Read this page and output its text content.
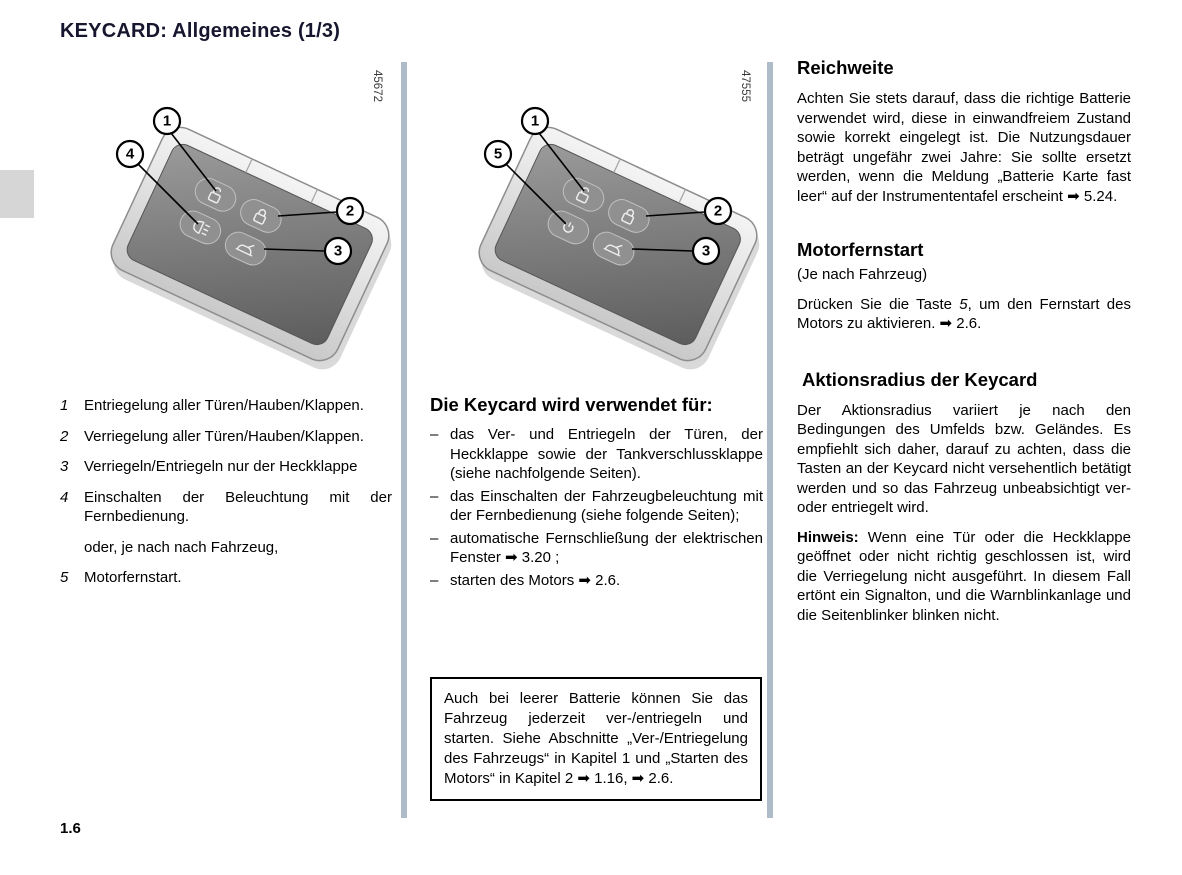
KEYCARD: Allgemeines (1/3)
1
4
2
3
45672
1
5
2
3
47555
1	Entriegelung aller Türen/Hauben/Klappen.
2	Verriegelung aller Türen/Hauben/Klappen.
3	Verriegeln/Entriegeln nur der Heckklappe
4	Einschalten der Beleuchtung mit der Fernbedienung.
oder, je nach nach Fahrzeug,
5	Motorfernstart.
Die Keycard wird verwendet für:
– das Ver- und Entriegeln der Türen, der Heckklappe sowie der Tankverschlussklappe (siehe nachfolgende Seiten).
– das Einschalten der Fahrzeugbeleuchtung mit der Fernbedienung (siehe folgende Seiten);
– automatische Fernschließung der elektrischen Fenster ➡ 3.20 ;
– starten des Motors ➡ 2.6.
Auch bei leerer Batterie können Sie das Fahrzeug jederzeit ver-/entriegeln und starten. Siehe Abschnitte „Ver-/Entriegelung des Fahrzeugs“ in Kapitel 1 und „Starten des Motors“ in Kapitel 2 ➡ 1.16, ➡ 2.6.
Reichweite

Achten Sie stets darauf, dass die richtige Batterie verwendet wird, diese in einwandfreiem Zustand sowie korrekt eingelegt ist. Die Nutzungsdauer beträgt ungefähr zwei Jahre: Sie sollte ersetzt werden, wenn die Meldung „Batterie Karte fast leer“ auf der Instrumententafel erscheint ➡ 5.24.

Motorfernstart

(Je nach Fahrzeug)

Drücken Sie die Taste 5, um den Fernstart des Motors zu aktivieren. ➡ 2.6.

Aktionsradius der Keycard

Der Aktionsradius variiert je nach den Bedingungen des Umfelds bzw. Geländes. Es empfiehlt sich daher, darauf zu achten, dass die Tasten an der Keycard nicht versehentlich betätigt werden und so das Fahrzeug unbeabsichtigt ver- oder entriegelt wird.

Hinweis: Wenn eine Tür oder die Heckklappe geöffnet oder nicht richtig geschlossen ist, wird die Verriegelung nicht ausgeführt. In diesem Fall ertönt ein Signalton, und die Warnblinkanlage und die Seitenblinker blinken nicht.

1.6
